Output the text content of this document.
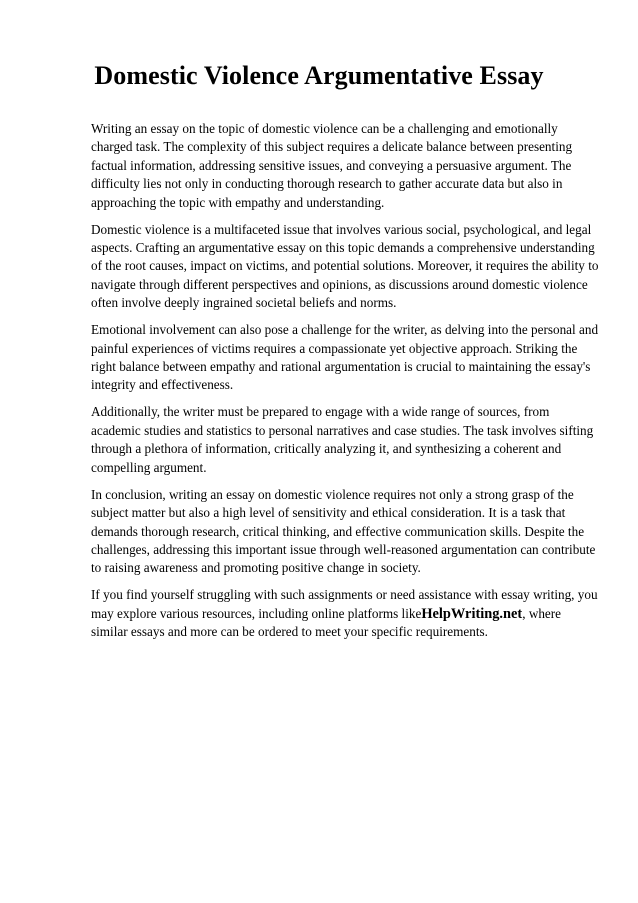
Domestic Violence Argumentative Essay

Writing an essay on the topic of domestic violence can be a challenging and emotionally charged task. The complexity of this subject requires a delicate balance between presenting factual information, addressing sensitive issues, and conveying a persuasive argument. The difficulty lies not only in conducting thorough research to gather accurate data but also in approaching the topic with empathy and understanding.

Domestic violence is a multifaceted issue that involves various social, psychological, and legal aspects. Crafting an argumentative essay on this topic demands a comprehensive understanding of the root causes, impact on victims, and potential solutions. Moreover, it requires the ability to navigate through different perspectives and opinions, as discussions around domestic violence often involve deeply ingrained societal beliefs and norms.

Emotional involvement can also pose a challenge for the writer, as delving into the personal and painful experiences of victims requires a compassionate yet objective approach. Striking the right balance between empathy and rational argumentation is crucial to maintaining the essay's integrity and effectiveness.

Additionally, the writer must be prepared to engage with a wide range of sources, from academic studies and statistics to personal narratives and case studies. The task involves sifting through a plethora of information, critically analyzing it, and synthesizing a coherent and compelling argument.

In conclusion, writing an essay on domestic violence requires not only a strong grasp of the subject matter but also a high level of sensitivity and ethical consideration. It is a task that demands thorough research, critical thinking, and effective communication skills. Despite the challenges, addressing this important issue through well-reasoned argumentation can contribute to raising awareness and promoting positive change in society.

If you find yourself struggling with such assignments or need assistance with essay writing, you may explore various resources, including online platforms likeHelpWriting.net, where similar essays and more can be ordered to meet your specific requirements.
